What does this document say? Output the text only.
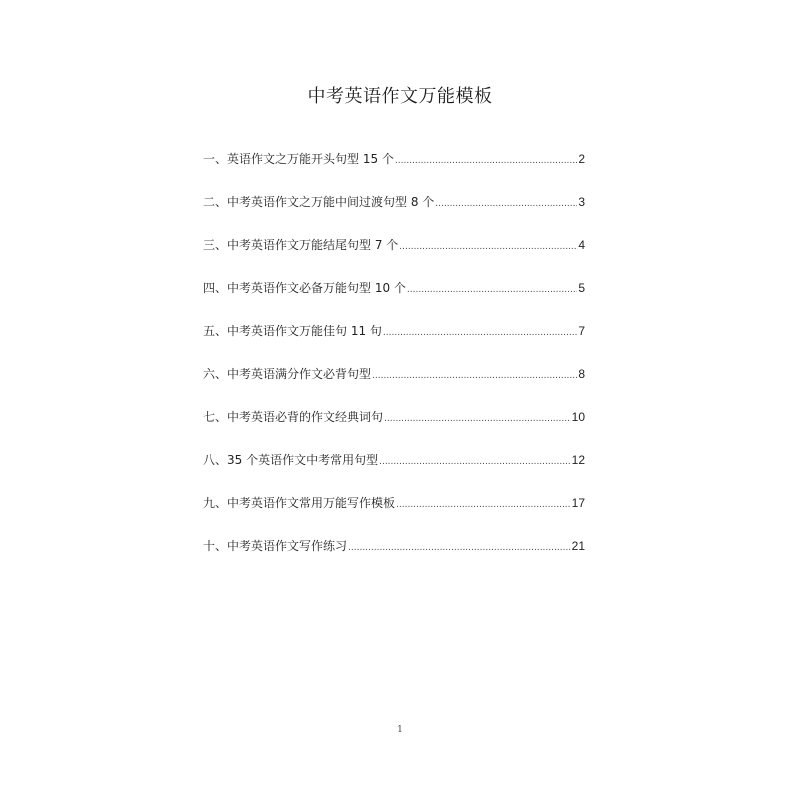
中考英语作文万能模板
一、英语作文之万能开头句型 15 个 .....	2
二、中考英语作文之万能中间过渡句型 8 个 .....	3
三、中考英语作文万能结尾句型 7 个 .....	4
四、中考英语作文必备万能句型 10 个 .....	5
五、中考英语作文万能佳句 11 句 .....	7
六、中考英语满分作文必背句型 .....	8
七、中考英语必背的作文经典词句 .....	10
八、35 个英语作文中考常用句型 .....	12
九、中考英语作文常用万能写作模板 .....	17
十、中考英语作文写作练习 .....	21
1
